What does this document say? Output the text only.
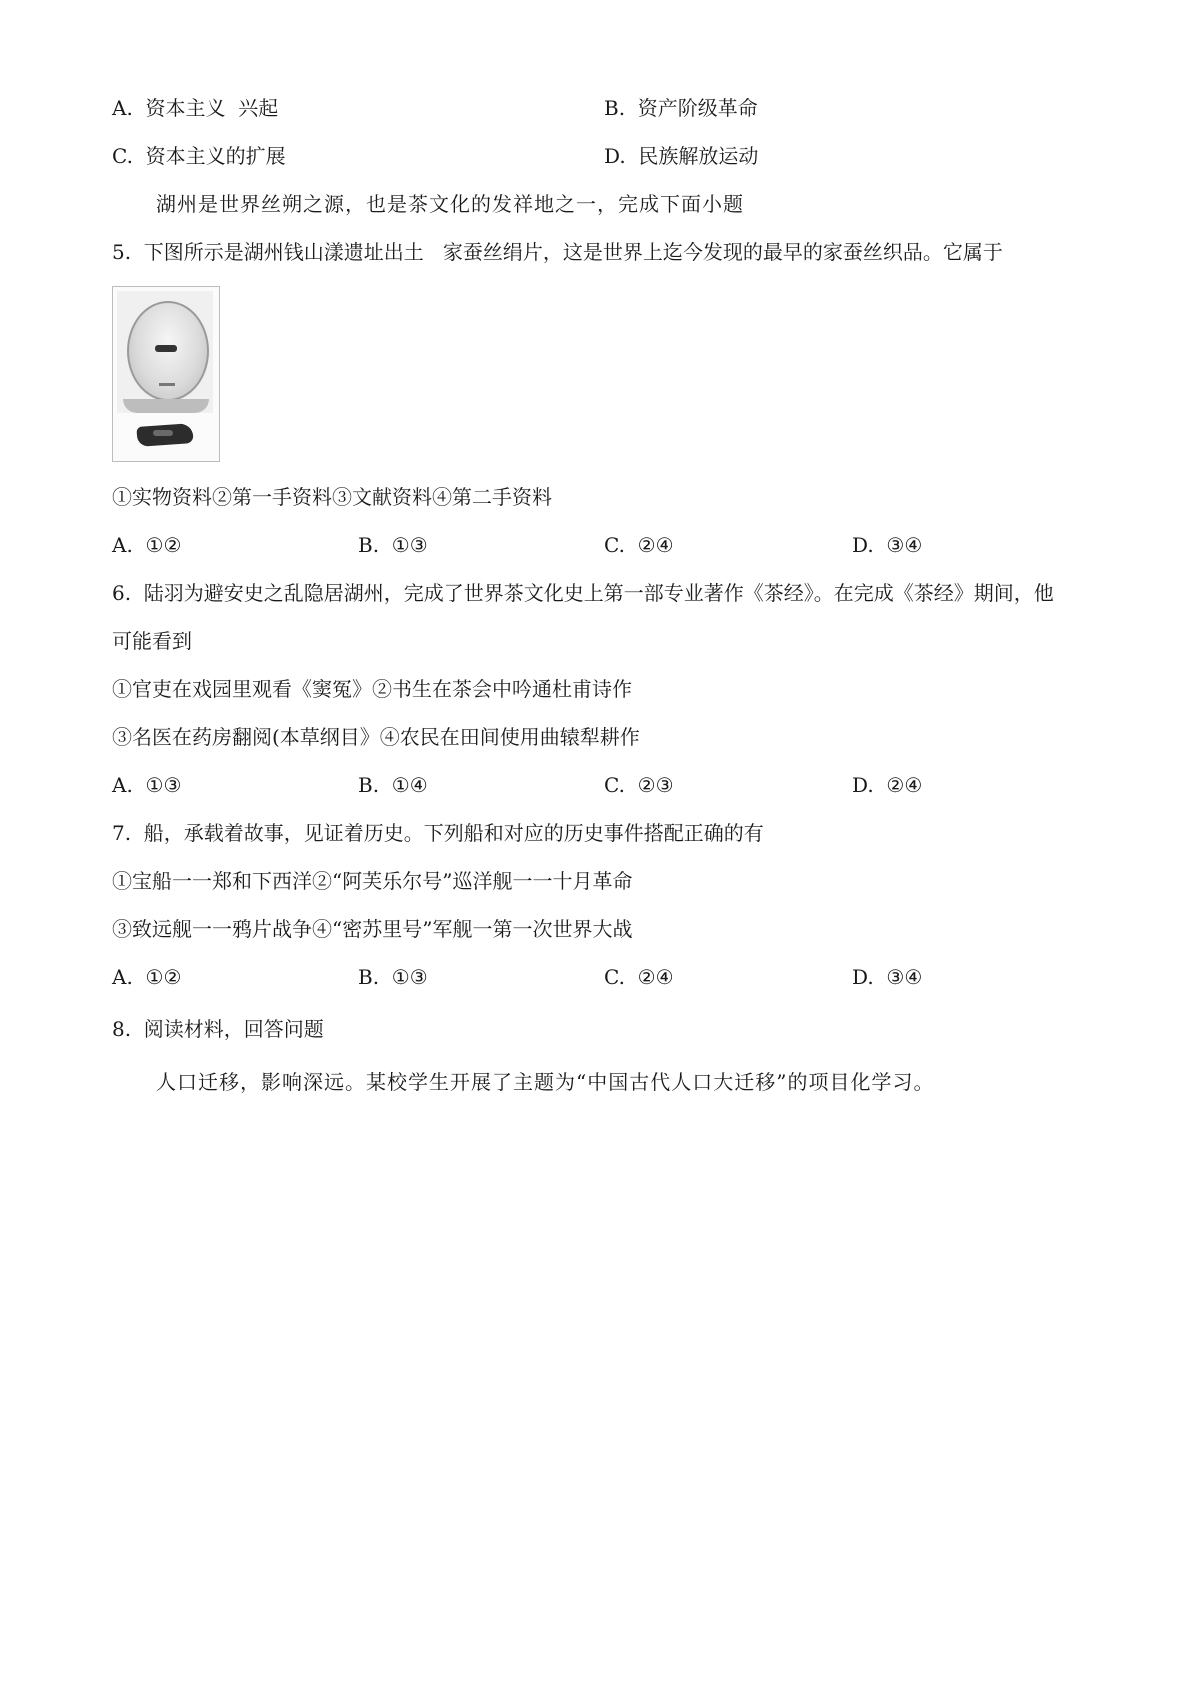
A.  资本主义  兴起	B.  资产阶级革命
C.  资本主义的扩展	D.  民族解放运动
湖州是世界丝朔之源，也是茶文化的发祥地之一，完成下面小题
5.  下图所示是湖州钱山漾遗址出土   家蚕丝绢片，这是世界上迄今发现的最早的家蚕丝织品。它属于
①实物资料②第一手资料③文献资料④第二手资料
A.  ①②	B.  ①③	C.  ②④	D.  ③④
6.  陆羽为避安史之乱隐居湖州，完成了世界茶文化史上第一部专业著作《茶经》。在完成《茶经》期间，他
可能看到
①官吏在戏园里观看《窦冤》②书生在茶会中吟通杜甫诗作
③名医在药房翻阅(本草纲目》④农民在田间使用曲辕犁耕作
A.  ①③	B.  ①④	C.  ②③	D.  ②④
7.  船，承载着故事，见证着历史。下列船和对应的历史事件搭配正确的有
①宝船一一郑和下西洋②“阿芙乐尔号”巡洋舰一一十月革命
③致远舰一一鸦片战争④“密苏里号”军舰一第一次世界大战
A.  ①②	B.  ①③	C.  ②④	D.  ③④
8.  阅读材料，回答问题
人口迁移，影响深远。某校学生开展了主题为“中国古代人口大迁移”的项目化学习。
